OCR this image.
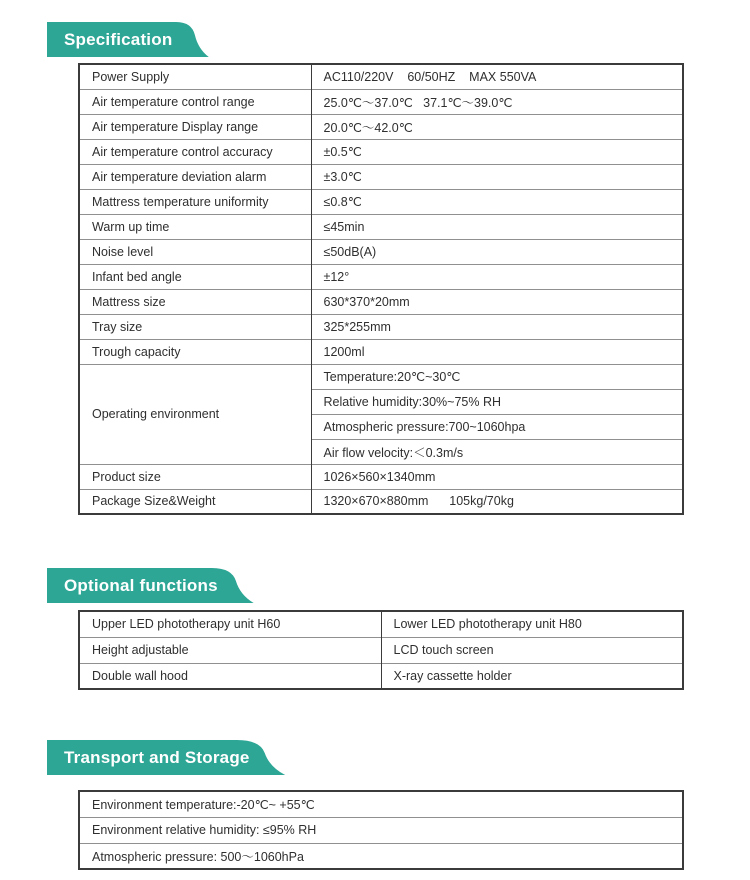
Specification
Power Supply	AC110/220V    60/50HZ    MAX 550VA
Air temperature control range	25.0℃～37.0℃   37.1℃～39.0℃
Air temperature Display range	20.0℃～42.0℃
Air temperature control accuracy	±0.5℃
Air temperature deviation alarm	±3.0℃
Mattress temperature uniformity	≤0.8℃
Warm up time	≤45min
Noise level	≤50dB(A)
Infant bed angle	±12°
Mattress size	630*370*20mm
Tray size	325*255mm
Trough capacity	1200ml
Operating environment	Temperature:20℃~30℃
	Relative humidity:30%~75% RH
	Atmospheric pressure:700~1060hpa
	Air flow velocity:＜0.3m/s
Product size	1026×560×1340mm
Package Size&Weight	1320×670×880mm      105kg/70kg
Optional functions
Upper LED phototherapy unit H60	Lower LED phototherapy unit H80
Height adjustable	LCD touch screen
Double wall hood	X-ray cassette holder
Transport and Storage
Environment temperature:-20℃~ +55℃
Environment relative humidity: ≤95% RH
Atmospheric pressure: 500～1060hPa
